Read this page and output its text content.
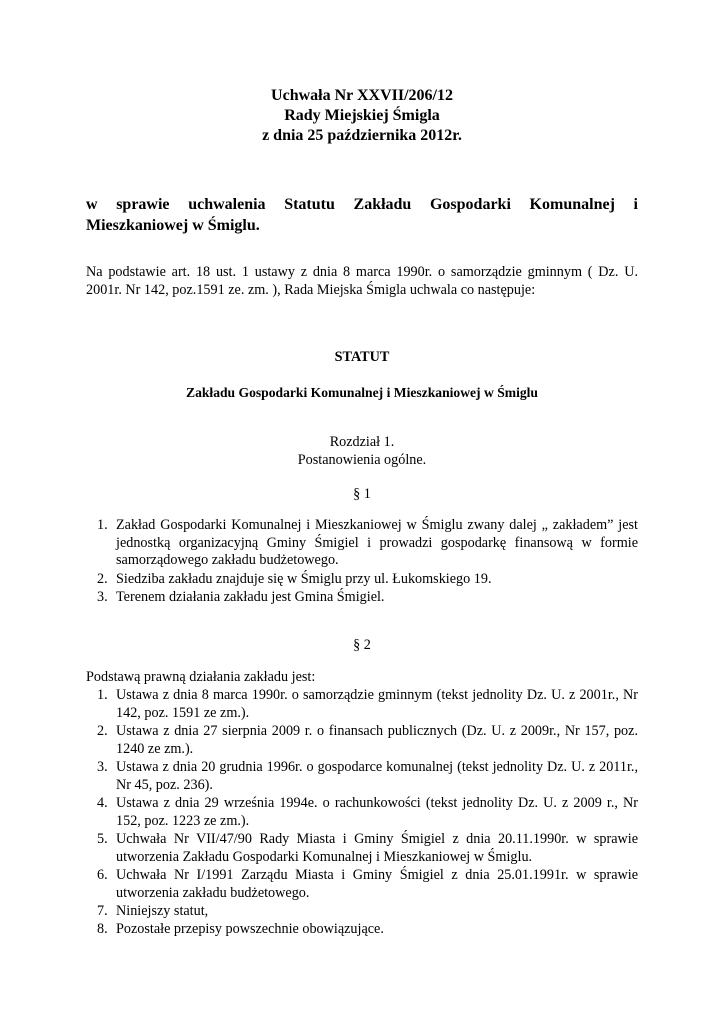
Uchwała Nr XXVII/206/12
Rady Miejskiej Śmigla
z dnia 25 października 2012r.
w sprawie uchwalenia Statutu Zakładu Gospodarki Komunalnej i Mieszkaniowej w Śmiglu.
Na podstawie art. 18 ust. 1 ustawy z dnia 8 marca 1990r. o samorządzie gminnym ( Dz. U. 2001r. Nr 142, poz.1591 ze. zm. ), Rada Miejska Śmigla uchwala co następuje:
STATUT
Zakładu Gospodarki Komunalnej i Mieszkaniowej w Śmiglu
Rozdział 1.
Postanowienia ogólne.
§ 1
1. Zakład Gospodarki Komunalnej i Mieszkaniowej w Śmiglu zwany dalej „ zakładem” jest jednostką organizacyjną Gminy Śmigiel i prowadzi gospodarkę finansową w formie samorządowego zakładu budżetowego.
2. Siedziba zakładu znajduje się w Śmiglu przy ul. Łukomskiego 19.
3. Terenem działania zakładu jest Gmina Śmigiel.
§ 2
Podstawą prawną działania zakładu jest:
1. Ustawa z dnia 8 marca 1990r. o samorządzie gminnym (tekst jednolity Dz. U. z 2001r., Nr 142, poz. 1591 ze zm.).
2. Ustawa z dnia 27 sierpnia 2009 r. o finansach publicznych (Dz. U. z 2009r., Nr 157, poz. 1240 ze zm.).
3. Ustawa z dnia 20 grudnia 1996r. o gospodarce komunalnej (tekst jednolity Dz. U. z 2011r., Nr 45, poz. 236).
4. Ustawa z dnia 29 września 1994e. o rachunkowości (tekst jednolity Dz. U. z 2009 r., Nr 152, poz. 1223 ze zm.).
5. Uchwała Nr VII/47/90 Rady Miasta i Gminy Śmigiel z dnia 20.11.1990r. w sprawie utworzenia Zakładu Gospodarki Komunalnej i Mieszkaniowej w Śmiglu.
6. Uchwała Nr I/1991 Zarządu Miasta i Gminy Śmigiel z dnia 25.01.1991r. w sprawie utworzenia zakładu budżetowego.
7. Niniejszy statut,
8. Pozostałe przepisy powszechnie obowiązujące.
